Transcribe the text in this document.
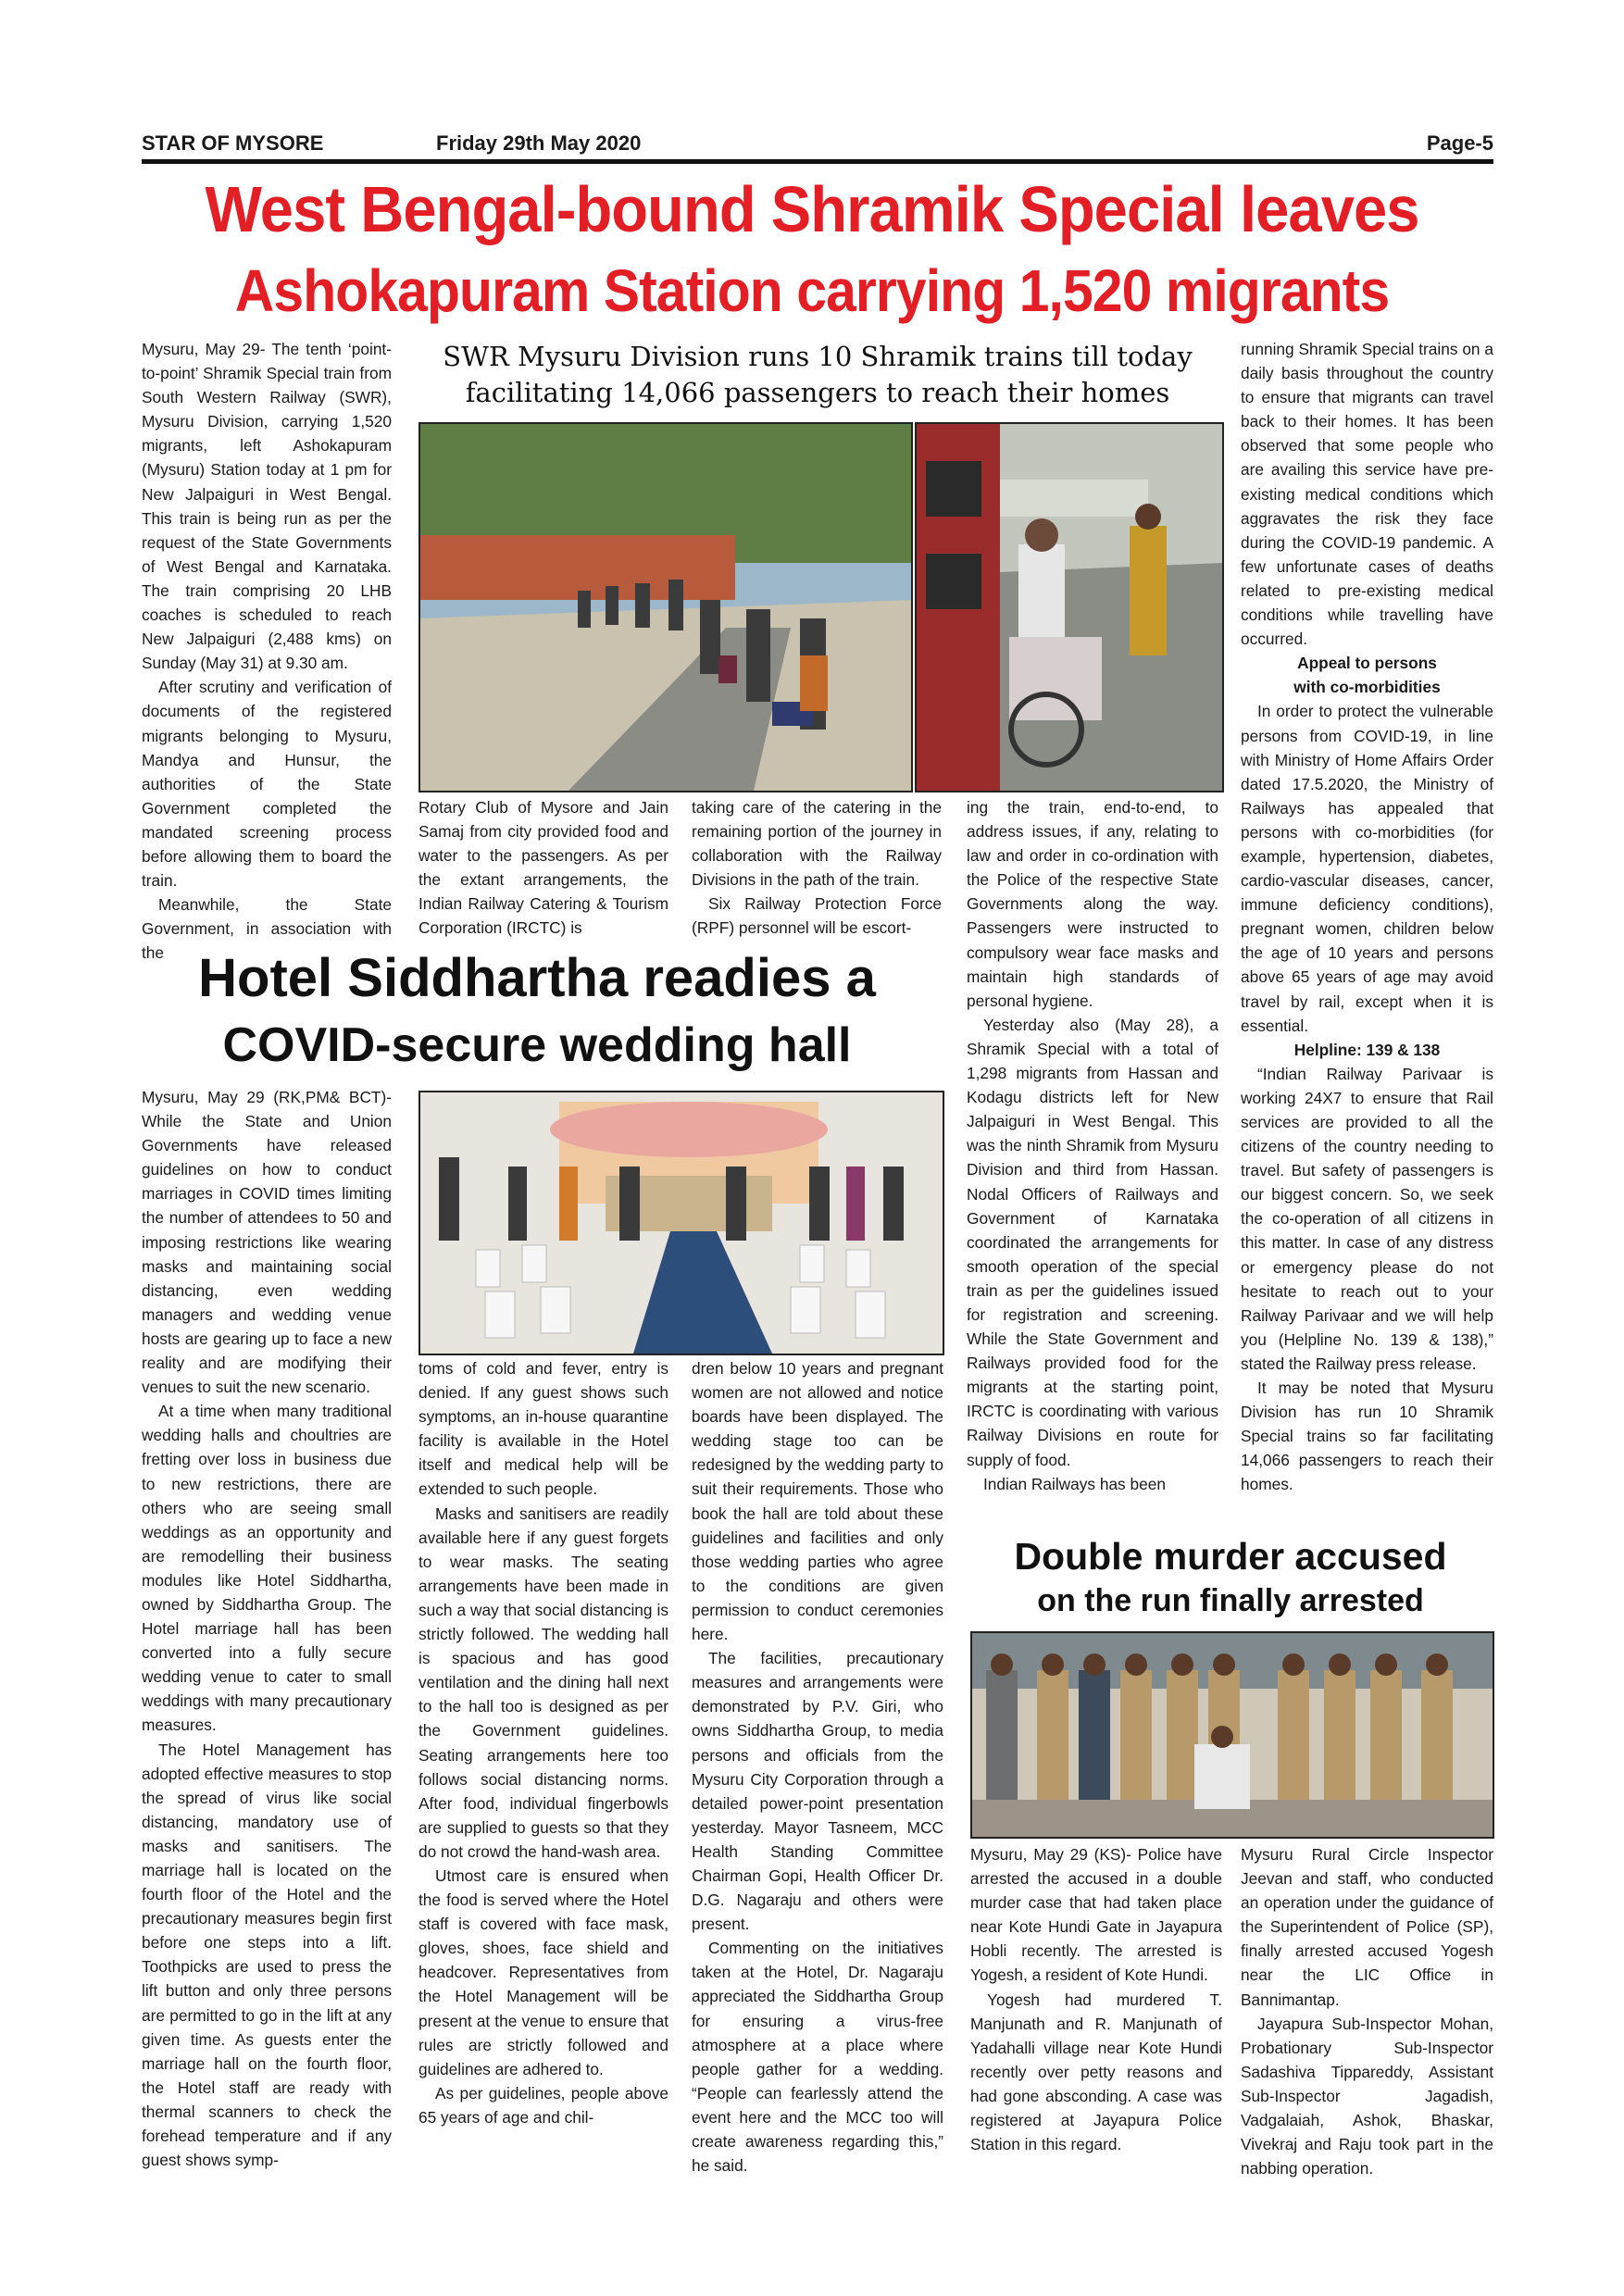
STAR OF MYSORE	Friday 29th May 2020	Page-5
West Bengal-bound Shramik Special leaves
Ashokapuram Station carrying 1,520 migrants

Mysuru, May 29- The tenth ‘point-to-point’ Shramik Special train from South Western Railway (SWR), Mysuru Division, carrying 1,520 migrants, left Ashokapuram (Mysuru) Station today at 1 pm for New Jalpaiguri in West Bengal. This train is being run as per the request of the State Governments of West Bengal and Karnataka. The train comprising 20 LHB coaches is scheduled to reach New Jalpaiguri (2,488 kms) on Sunday (May 31) at 9.30 am.

After scrutiny and verification of documents of the registered migrants belonging to Mysuru, Mandya and Hunsur, the authorities of the State Government completed the mandated screening process before allowing them to board the train.

Meanwhile, the State Government, in association with the

SWR Mysuru Division runs 10 Shramik trains till today
facilitating 14,066 passengers to reach their homes

Rotary Club of Mysore and Jain Samaj from city provided food and water to the passengers. As per the extant arrangements, the Indian Railway Catering & Tourism Corporation (IRCTC) is

taking care of the catering in the remaining portion of the journey in collaboration with the Railway Divisions in the path of the train.

Six Railway Protection Force (RPF) personnel will be escort-

ing the train, end-to-end, to address issues, if any, relating to law and order in co-ordination with the Police of the respective State Governments along the way. Passengers were instructed to compulsory wear face masks and maintain high standards of personal hygiene.

Yesterday also (May 28), a Shramik Special with a total of 1,298 migrants from Hassan and Kodagu districts left for New Jalpaiguri in West Bengal. This was the ninth Shramik from Mysuru Division and third from Hassan. Nodal Officers of Railways and Government of Karnataka coordinated the arrangements for smooth operation of the special train as per the guidelines issued for registration and screening. While the State Government and Railways provided food for the migrants at the starting point, IRCTC is coordinating with various Railway Divisions en route for supply of food.

Indian Railways has been

running Shramik Special trains on a daily basis throughout the country to ensure that migrants can travel back to their homes. It has been observed that some people who are availing this service have pre-existing medical conditions which aggravates the risk they face during the COVID-19 pandemic. A few unfortunate cases of deaths related to pre-existing medical conditions while travelling have occurred.

Appeal to persons

with co-morbidities

In order to protect the vulnerable persons from COVID-19, in line with Ministry of Home Affairs Order dated 17.5.2020, the Ministry of Railways has appealed that persons with co-morbidities (for example, hypertension, diabetes, cardio-vascular diseases, cancer, immune deficiency conditions), pregnant women, children below the age of 10 years and persons above 65 years of age may avoid travel by rail, except when it is essential.

Helpline: 139 & 138

“Indian Railway Parivaar is working 24X7 to ensure that Rail services are provided to all the citizens of the country needing to travel. But safety of passengers is our biggest concern. So, we seek the co-operation of all citizens in this matter. In case of any distress or emergency please do not hesitate to reach out to your Railway Parivaar and we will help you (Helpline No. 139 & 138),” stated the Railway press release.

It may be noted that Mysuru Division has run 10 Shramik Special trains so far facilitating 14,066 passengers to reach their homes.

Hotel Siddhartha readies a
COVID-secure wedding hall

Mysuru, May 29 (RK,PM& BCT)- While the State and Union Governments have released guidelines on how to conduct marriages in COVID times limiting the number of attendees to 50 and imposing restrictions like wearing masks and maintaining social distancing, even wedding managers and wedding venue hosts are gearing up to face a new reality and are modifying their venues to suit the new scenario.

At a time when many traditional wedding halls and choultries are fretting over loss in business due to new restrictions, there are others who are seeing small weddings as an opportunity and are remodelling their business modules like Hotel Siddhartha, owned by Siddhartha Group. The Hotel marriage hall has been converted into a fully secure wedding venue to cater to small weddings with many precautionary measures.

The Hotel Management has adopted effective measures to stop the spread of virus like social distancing, mandatory use of masks and sanitisers. The marriage hall is located on the fourth floor of the Hotel and the precautionary measures begin first before one steps into a lift. Toothpicks are used to press the lift button and only three persons are permitted to go in the lift at any given time. As guests enter the marriage hall on the fourth floor, the Hotel staff are ready with thermal scanners to check the forehead temperature and if any guest shows symp-

toms of cold and fever, entry is denied. If any guest shows such symptoms, an in-house quarantine facility is available in the Hotel itself and medical help will be extended to such people.

Masks and sanitisers are readily available here if any guest forgets to wear masks. The seating arrangements have been made in such a way that social distancing is strictly followed. The wedding hall is spacious and has good ventilation and the dining hall next to the hall too is designed as per the Government guidelines. Seating arrangements here too follows social distancing norms. After food, individual fingerbowls are supplied to guests so that they do not crowd the hand-wash area.

Utmost care is ensured when the food is served where the Hotel staff is covered with face mask, gloves, shoes, face shield and headcover. Representatives from the Hotel Management will be present at the venue to ensure that rules are strictly followed and guidelines are adhered to.

As per guidelines, people above 65 years of age and chil-

dren below 10 years and pregnant women are not allowed and notice boards have been displayed. The wedding stage too can be redesigned by the wedding party to suit their requirements. Those who book the hall are told about these guidelines and facilities and only those wedding parties who agree to the conditions are given permission to conduct ceremonies here.

The facilities, precautionary measures and arrangements were demonstrated by P.V. Giri, who owns Siddhartha Group, to media persons and officials from the Mysuru City Corporation through a detailed power-point presentation yesterday. Mayor Tasneem, MCC Health Standing Committee Chairman Gopi, Health Officer Dr. D.G. Nagaraju and others were present.

Commenting on the initiatives taken at the Hotel, Dr. Nagaraju appreciated the Siddhartha Group for ensuring a virus-free atmosphere at a place where people gather for a wedding. “People can fearlessly attend the event here and the MCC too will create awareness regarding this,” he said.

Double murder accused
on the run finally arrested

Mysuru, May 29 (KS)- Police have arrested the accused in a double murder case that had taken place near Kote Hundi Gate in Jayapura Hobli recently. The arrested is Yogesh, a resident of Kote Hundi.

Yogesh had murdered T. Manjunath and R. Manjunath of Yadahalli village near Kote Hundi recently over petty reasons and had gone absconding. A case was registered at Jayapura Police Station in this regard.

Mysuru Rural Circle Inspector Jeevan and staff, who conducted an operation under the guidance of the Superintendent of Police (SP), finally arrested accused Yogesh near the LIC Office in Bannimantap.

Jayapura Sub-Inspector Mohan, Probationary Sub-Inspector Sadashiva Tippareddy, Assistant Sub-Inspector Jagadish, Vadgalaiah, Ashok, Bhaskar, Vivekraj and Raju took part in the nabbing operation.
